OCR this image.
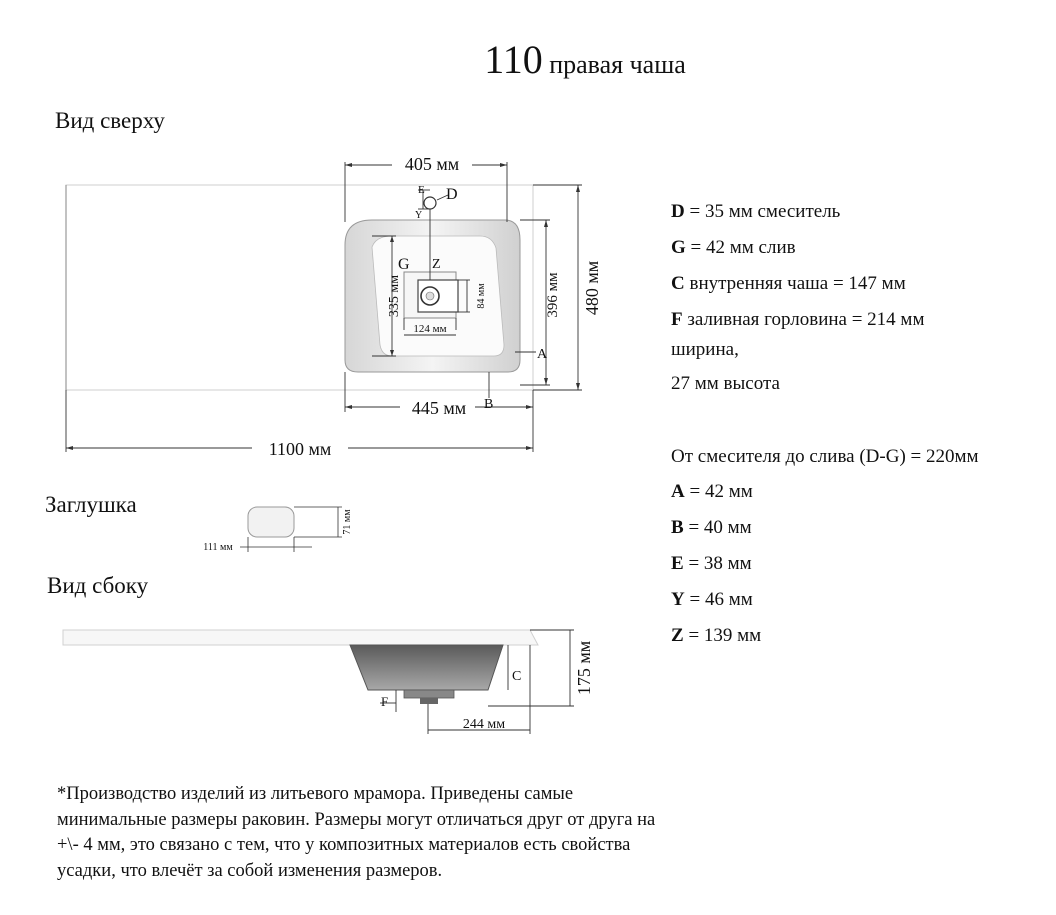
110 правая чаша
Вид сверху
Заглушка
Вид сбоку
405 мм
445 мм
1100 мм
480 мм
396 мм
335 мм
124 мм
84 мм
E D
Y
G Z
A
B
111 мм
71 мм
175 мм
244 мм
C
F
D = 35 мм смеситель
G = 42 мм слив
C внутренняя чаша = 147 мм
F заливная горловина = 214 мм
ширина,
27 мм высота
От смесителя до слива (D-G) = 220мм
A = 42 мм
B = 40 мм
E = 38 мм
Y = 46 мм
Z = 139 мм
*Производство изделий из литьевого мрамора. Приведены самые минимальные размеры раковин. Размеры могут отличаться друг от друга на +\- 4 мм, это связано с тем, что у композитных материалов есть свойства усадки, что влечёт за собой изменения размеров.
